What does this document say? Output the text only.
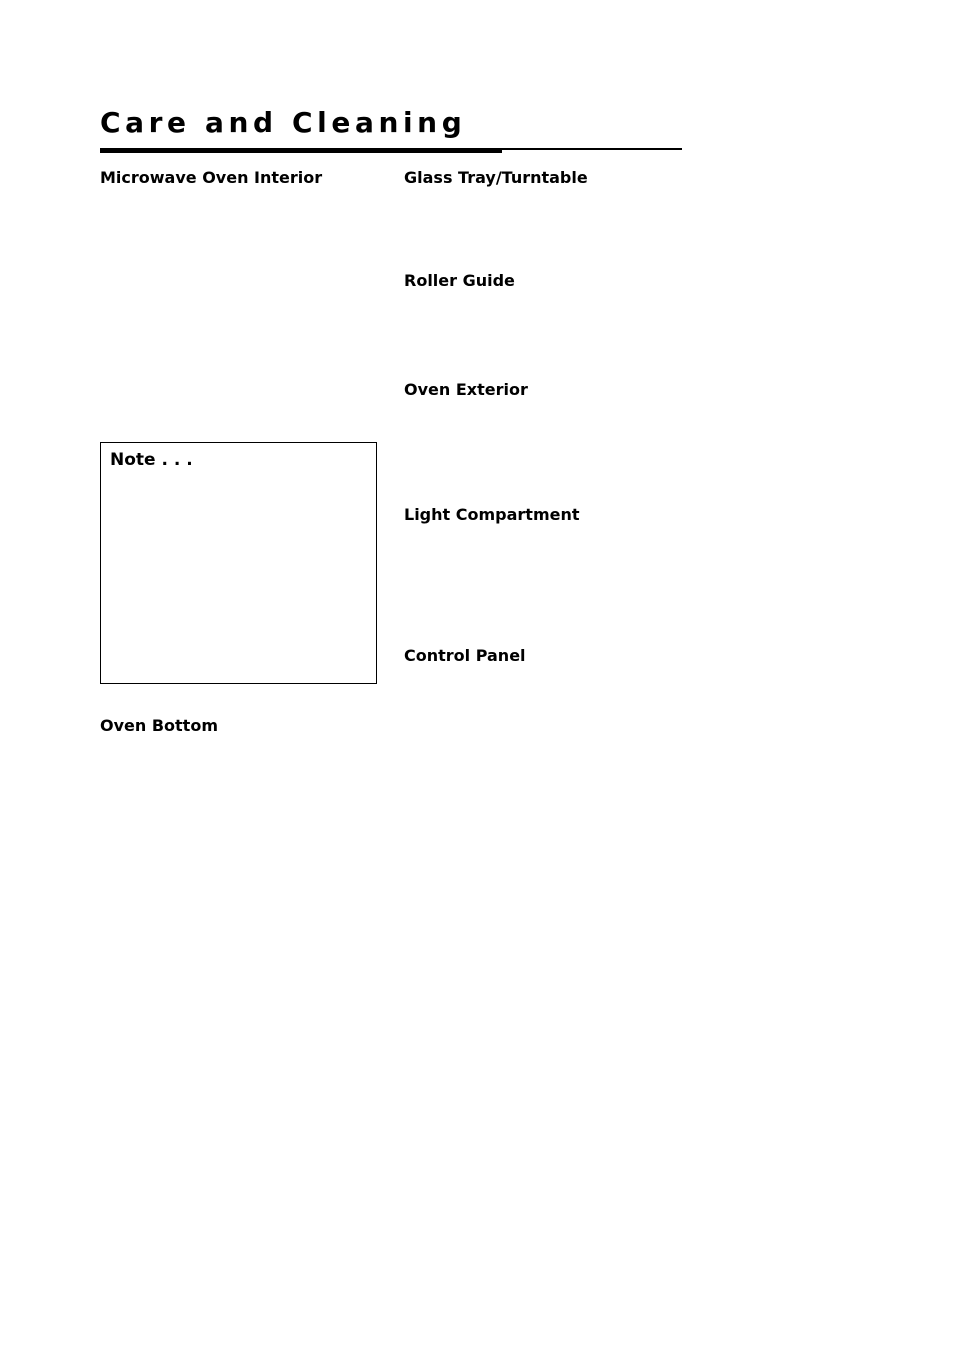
Care and Cleaning
Microwave Oven Interior

Note . . .

Oven Bottom
Glass Tray/Turntable
Roller Guide
Oven Exterior
Light Compartment
Control Panel
